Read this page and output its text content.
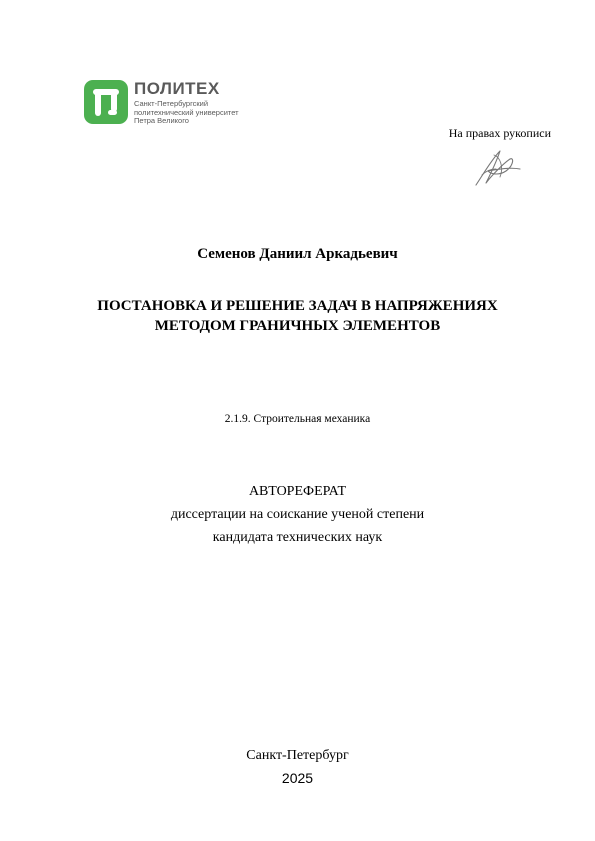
ПОЛИТЕХ
Санкт-Петербургский
политехнический университет
Петра Великого
На правах рукописи
Семенов Даниил Аркадьевич
ПОСТАНОВКА И РЕШЕНИЕ ЗАДАЧ В НАПРЯЖЕНИЯХ
МЕТОДОМ ГРАНИЧНЫХ ЭЛЕМЕНТОВ
2.1.9. Строительная механика
АВТОРЕФЕРАТ
диссертации на соискание ученой степени
кандидата технических наук
Санкт-Петербург
2025
